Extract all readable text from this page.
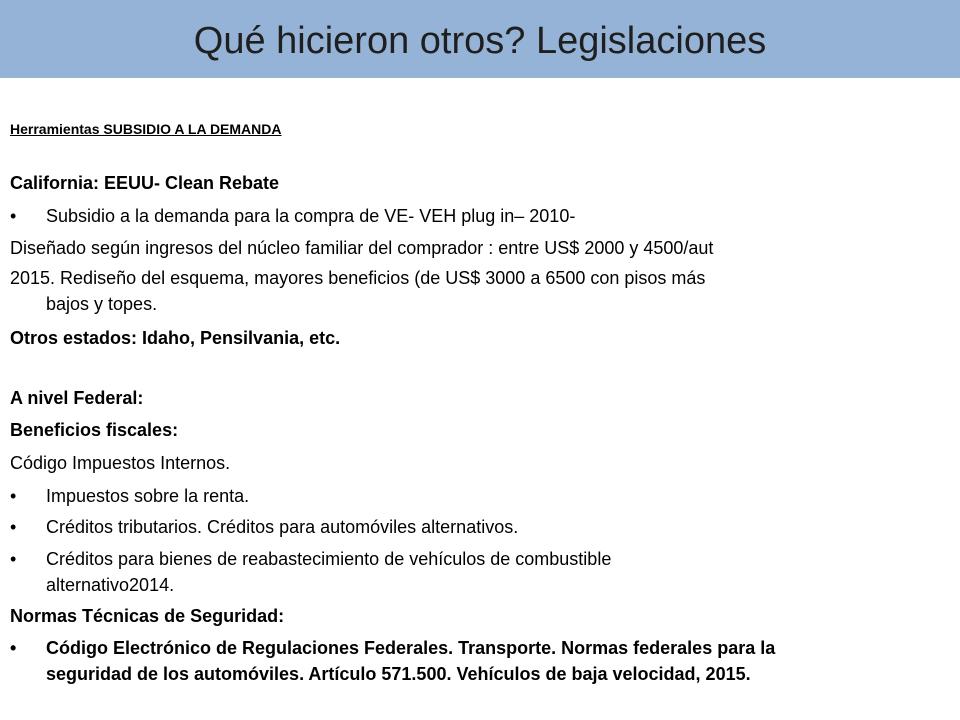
Qué hicieron otros? Legislaciones
Herramientas SUBSIDIO A LA DEMANDA
California: EEUU- Clean Rebate
• Subsidio a la demanda para la compra de VE- VEH plug in– 2010-
Diseñado según ingresos del núcleo familiar del comprador : entre US$ 2000 y 4500/aut
2015. Rediseño del esquema, mayores beneficios (de US$ 3000 a 6500 con pisos más
bajos y topes.
Otros estados: Idaho, Pensilvania, etc.
A nivel Federal:
Beneficios fiscales:
Código Impuestos Internos.
• Impuestos sobre la renta.
• Créditos tributarios. Créditos para automóviles alternativos.
• Créditos para bienes de reabastecimiento de vehículos de combustible
alternativo2014.
Normas Técnicas de Seguridad:
• Código Electrónico de Regulaciones Federales. Transporte. Normas federales para la
seguridad de los automóviles. Artículo 571.500. Vehículos de baja velocidad, 2015.
